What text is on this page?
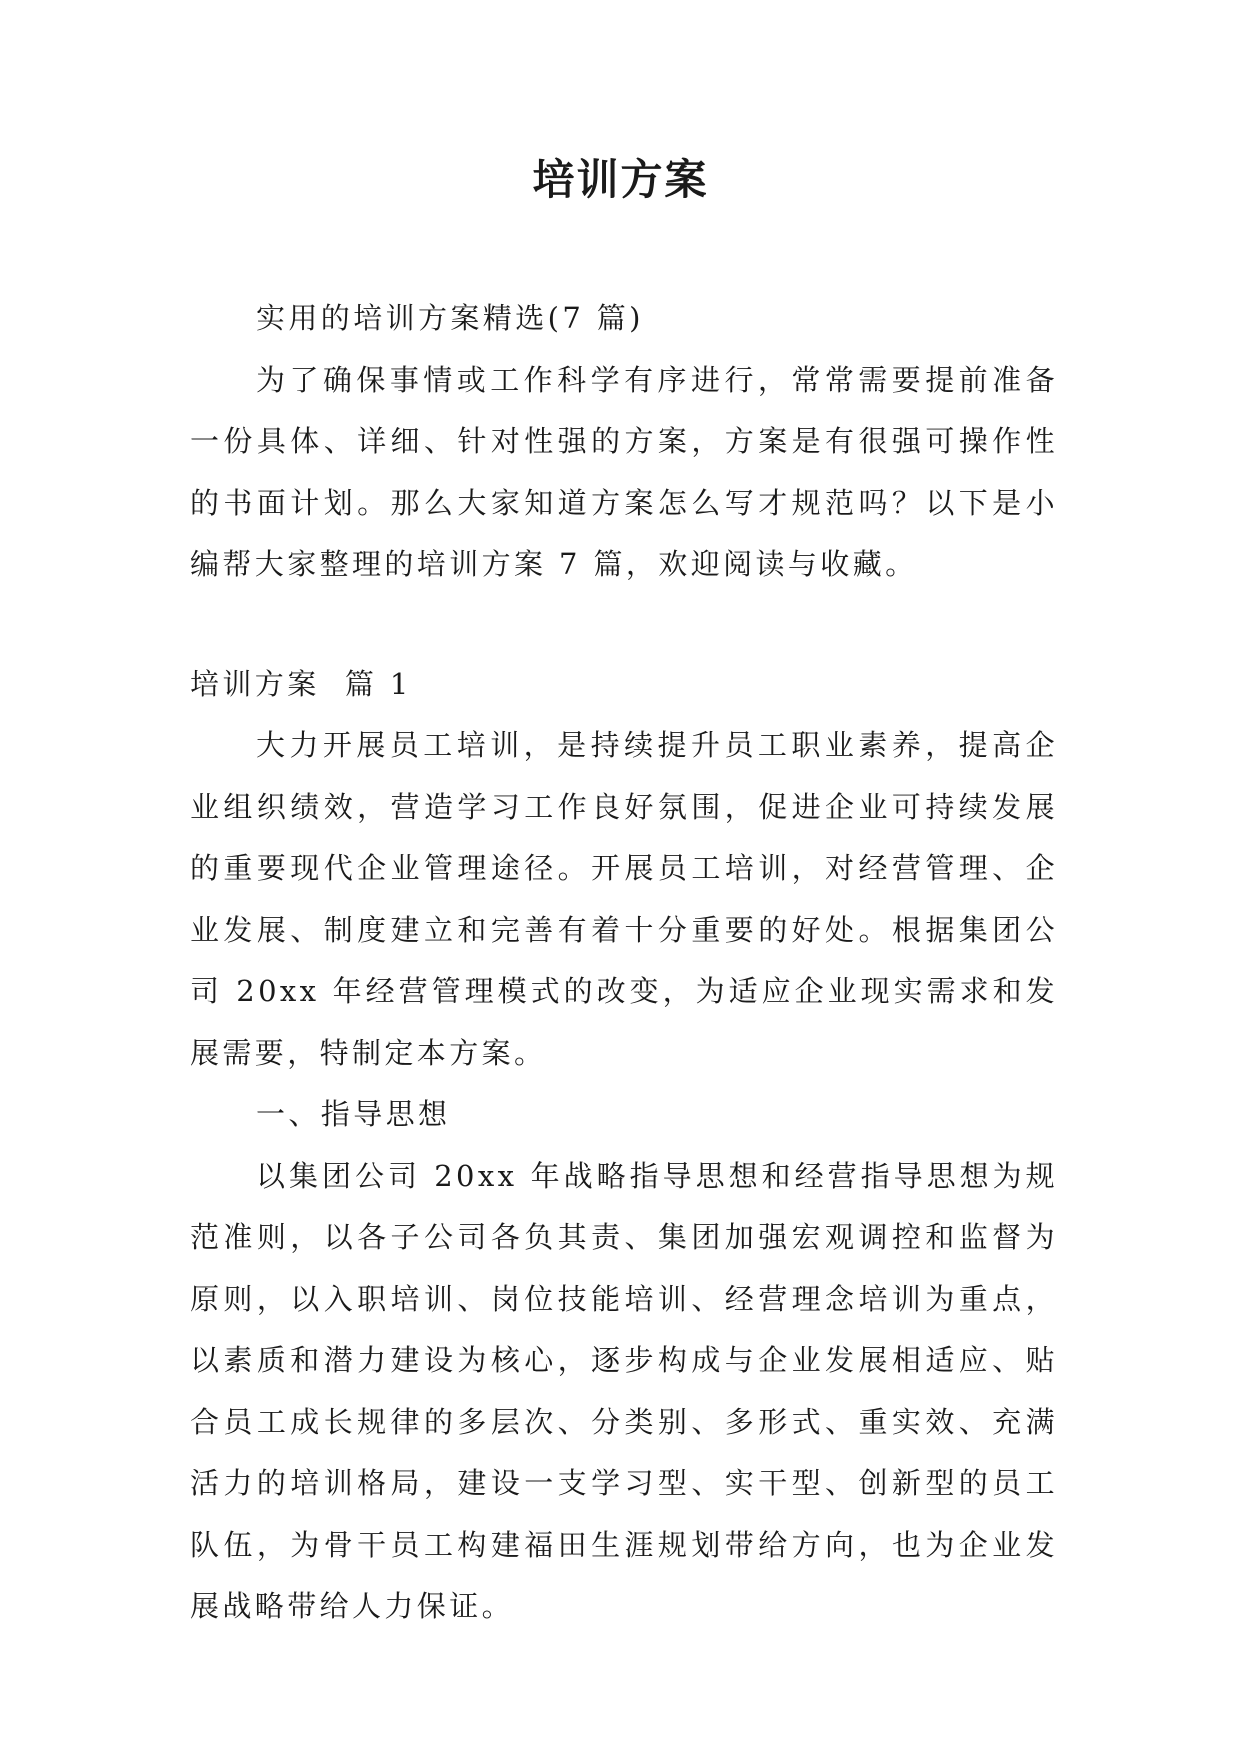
培训方案

实用的培训方案精选(7 篇)

为了确保事情或工作科学有序进行，常常需要提前准备一份具体、详细、针对性强的方案，方案是有很强可操作性的书面计划。那么大家知道方案怎么写才规范吗？以下是小编帮大家整理的培训方案 7 篇，欢迎阅读与收藏。

培训方案  篇 1

大力开展员工培训，是持续提升员工职业素养，提高企业组织绩效，营造学习工作良好氛围，促进企业可持续发展的重要现代企业管理途径。开展员工培训，对经营管理、企业发展、制度建立和完善有着十分重要的好处。根据集团公司 20xx 年经营管理模式的改变，为适应企业现实需求和发展需要，特制定本方案。

一、指导思想

以集团公司 20xx 年战略指导思想和经营指导思想为规范准则，以各子公司各负其责、集团加强宏观调控和监督为原则，以入职培训、岗位技能培训、经营理念培训为重点，以素质和潜力建设为核心，逐步构成与企业发展相适应、贴合员工成长规律的多层次、分类别、多形式、重实效、充满活力的培训格局，建设一支学习型、实干型、创新型的员工队伍，为骨干员工构建福田生涯规划带给方向，也为企业发展战略带给人力保证。
